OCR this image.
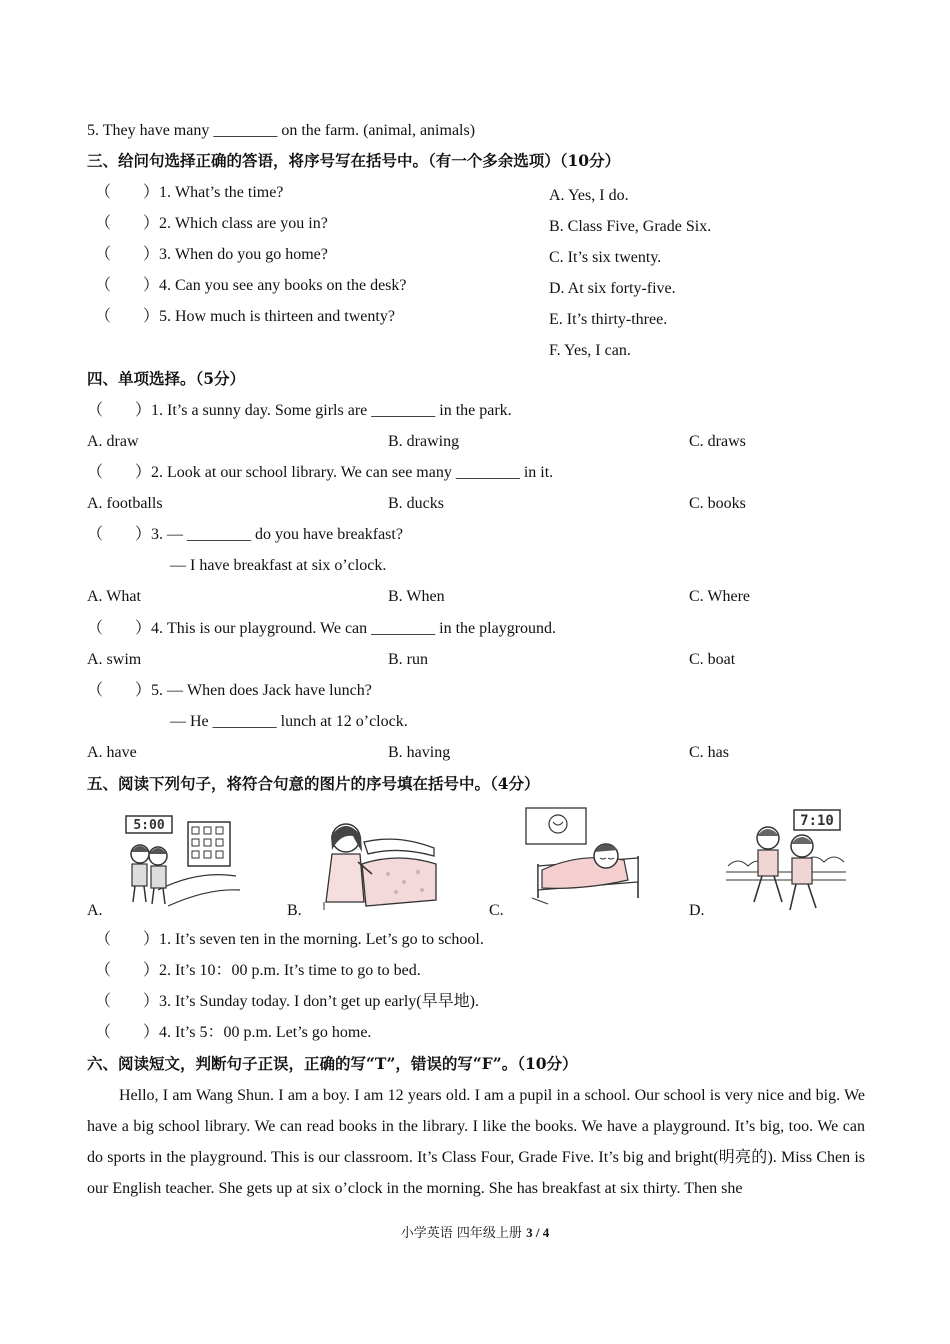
5. They have many ________ on the farm. (animal, animals)
三、给问句选择正确的答语，将序号写在括号中。（有一个多余选项）（10分）
（　　）1. What’s the time?
（　　）2. Which class are you in?
（　　）3. When do you go home?
（　　）4. Can you see any books on the desk?
（　　）5. How much is thirteen and twenty?
A. Yes, I do.
B. Class Five, Grade Six.
C. It’s six twenty.
D. At six forty-five.
E. It’s thirty-three.
F. Yes, I can.
四、单项选择。（5分）
（　　）1. It’s a sunny day. Some girls are ________ in the park.
A. draw	B. drawing	C. draws
（　　）2. Look at our school library. We can see many ________ in it.
A. footballs	B. ducks	C. books
（　　）3. — ________ do you have breakfast?
— I have breakfast at six o’clock.
A. What	B. When	C. Where
（　　）4. This is our playground. We can ________ in the playground.
A. swim	B. run	C. boat
（　　）5. — When does Jack have lunch?
— He ________ lunch at 12 o’clock.
A. have	B. having	C. has
五、阅读下列句子，将符合句意的图片的序号填在括号中。（4分）
5:00
A.	B.	C.
7:10
D.
（　　）1. It’s seven ten in the morning. Let’s go to school.
（　　）2. It’s 10：00 p.m. It’s time to go to bed.
（　　）3. It’s Sunday today. I don’t get up early(早早地).
（　　）4. It’s 5：00 p.m. Let’s go home.
六、阅读短文，判断句子正误，正确的写“T”，错误的写“F”。（10分）
Hello, I am Wang Shun. I am a boy. I am 12 years old. I am a pupil in a school. Our school is very nice and big. We have a big school library. We can read books in the library. I like the books. We have a playground. It’s big, too. We can do sports in the playground. This is our classroom. It’s Class Four, Grade Five. It’s big and bright(明亮的). Miss Chen is our English teacher. She gets up at six o’clock in the morning. She has breakfast at six thirty. Then she
小学英语 四年级上册 3 / 4
